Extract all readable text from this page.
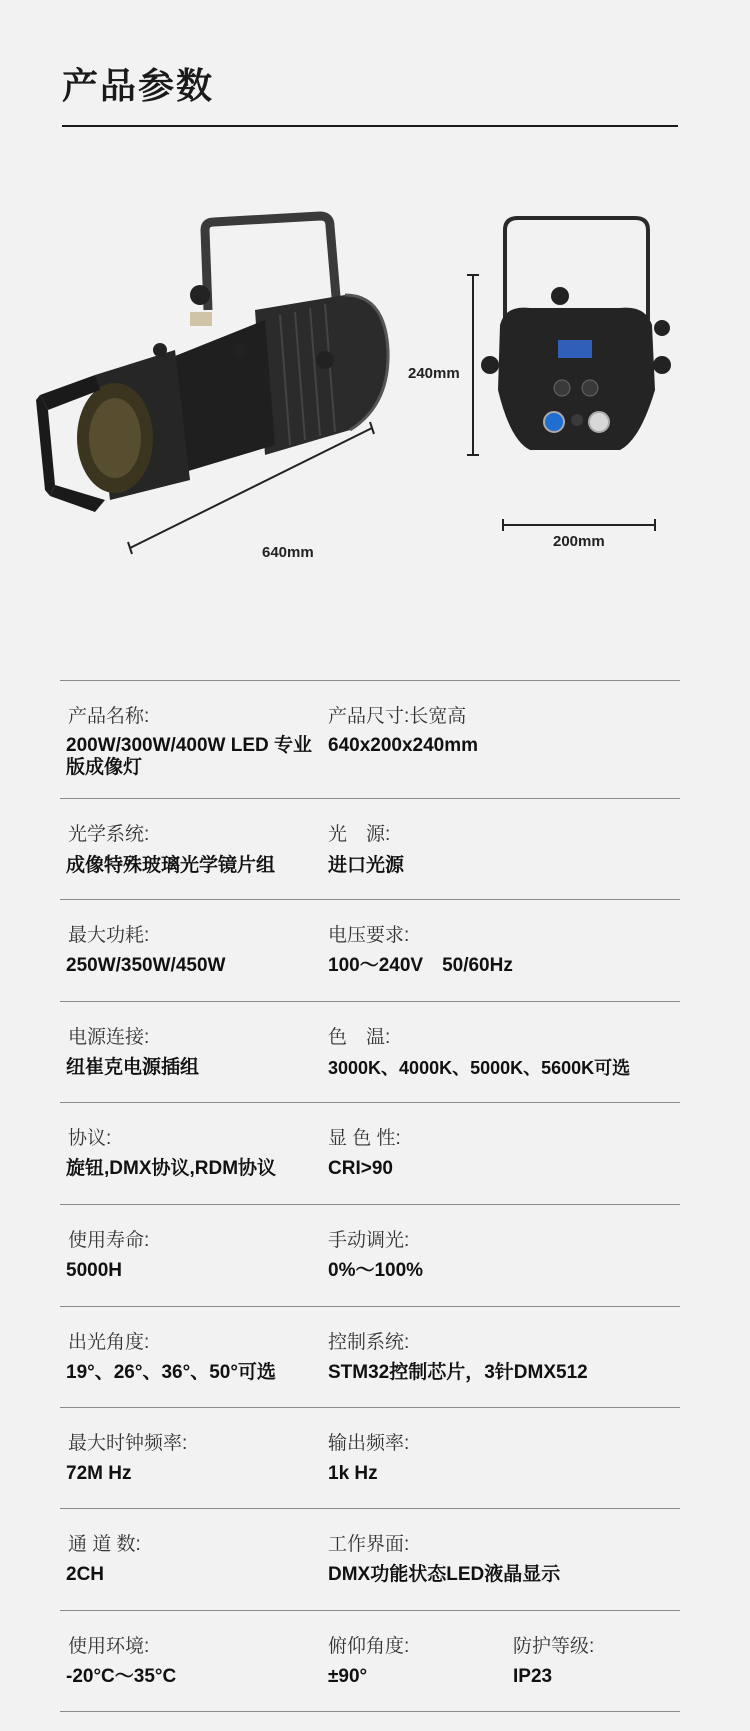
产品参数
640mm
240mm
200mm
产品名称:
200W/300W/400W LED 专业版成像灯
产品尺寸:长宽高
640x200x240mm
光学系统:
成像特殊玻璃光学镜片组
光　源:
进口光源
最大功耗:
250W/350W/450W
电压要求:
100～240V　50/60Hz
电源连接:
纽崔克电源插组
色　温:
3000K、4000K、5000K、5600K可选
协议:
旋钮,DMX协议,RDM协议
显 色 性:
CRI>90
使用寿命:
5000H
手动调光:
0%～100%
出光角度:
19°、26°、36°、50°可选
控制系统:
STM32控制芯片，3针DMX512
最大时钟频率:
72M Hz
输出频率:
1k Hz
通 道 数:
2CH
工作界面:
DMX功能状态LED液晶显示
使用环境:
-20°C～35°C
俯仰角度:
±90°
防护等级:
IP23
